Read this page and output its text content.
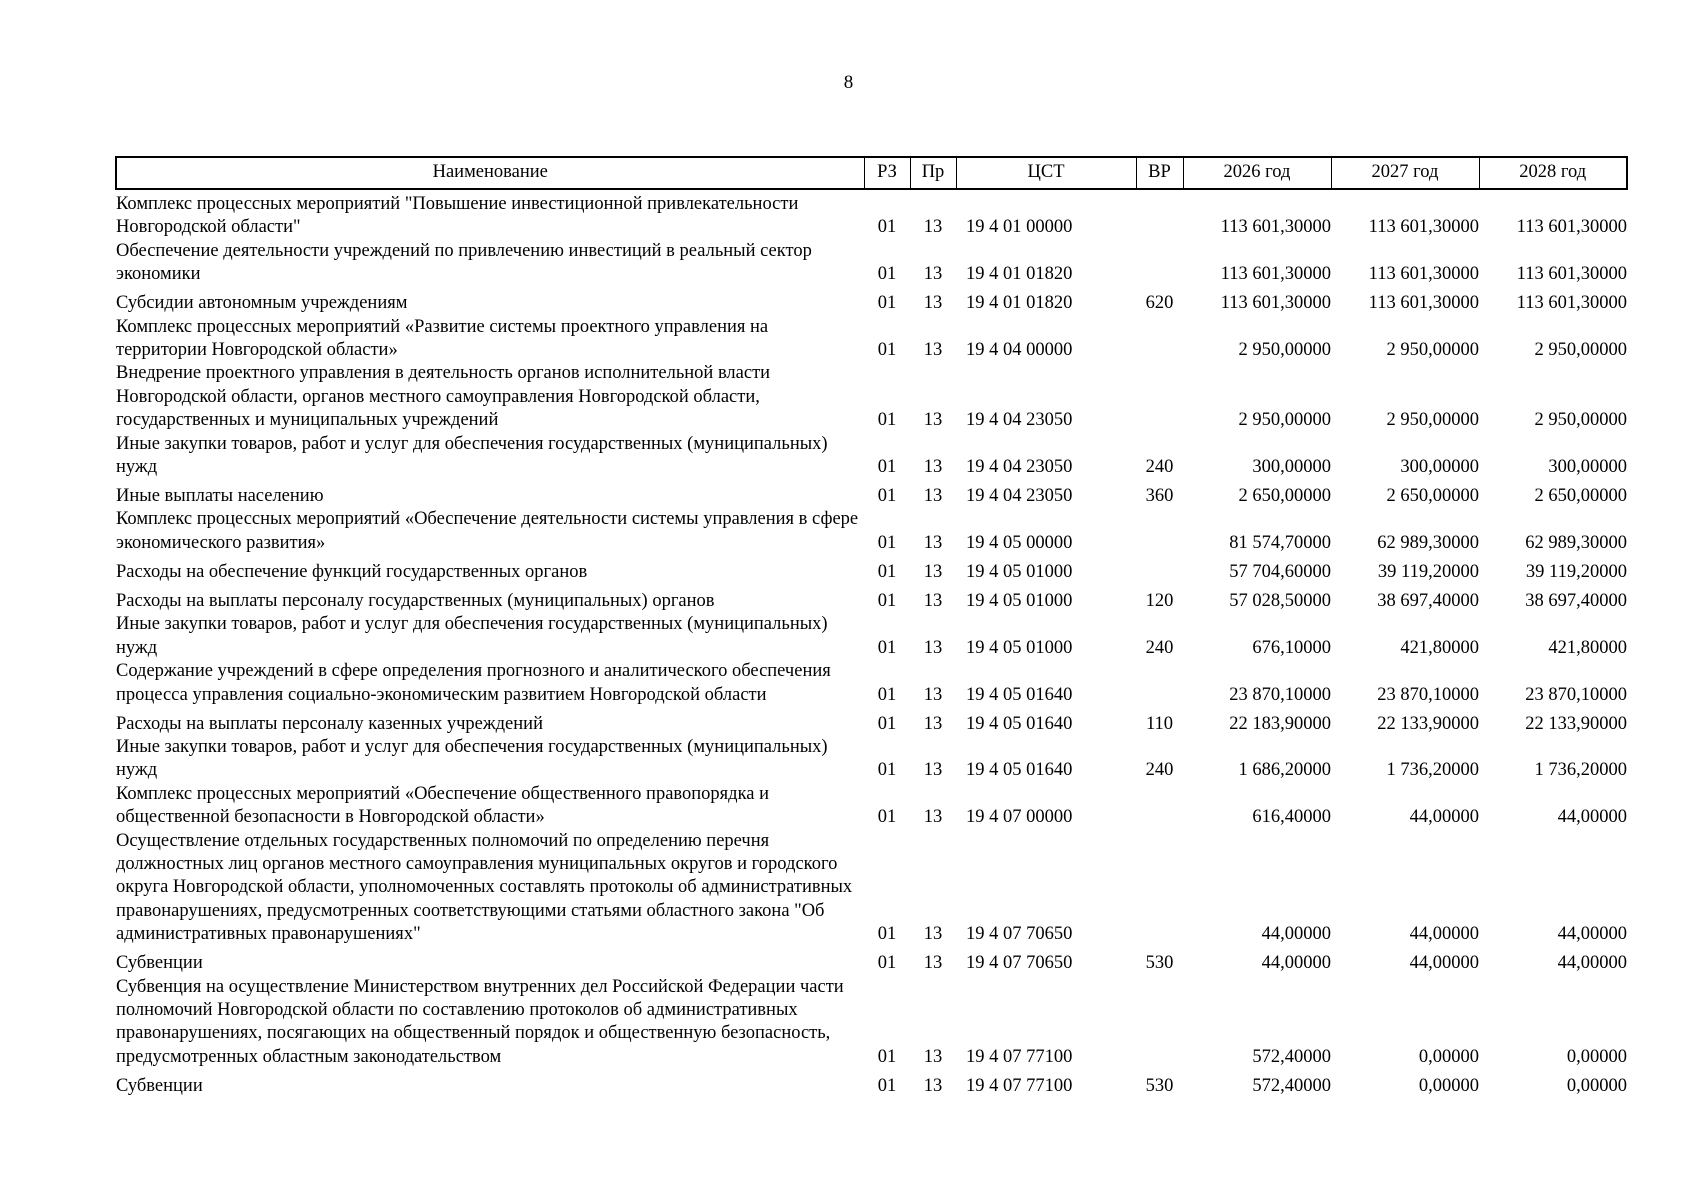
8
Наименование	РЗ	Пр	ЦСТ	ВР	2026 год	2027 год	2028 год
Комплекс процессных мероприятий "Повышение инвестиционной привлекательности Новгородской области"	01	13	19 4 01 00000		113 601,30000	113 601,30000	113 601,30000
Обеспечение деятельности учреждений по привлечению инвестиций в реальный сектор экономики	01	13	19 4 01 01820		113 601,30000	113 601,30000	113 601,30000
Субсидии автономным учреждениям	01	13	19 4 01 01820	620	113 601,30000	113 601,30000	113 601,30000
Комплекс процессных мероприятий «Развитие системы проектного управления на территории Новгородской области»	01	13	19 4 04 00000		2 950,00000	2 950,00000	2 950,00000
Внедрение проектного управления в деятельность органов исполнительной власти Новгородской области, органов местного самоуправления Новгородской области, государственных и муниципальных учреждений	01	13	19 4 04 23050		2 950,00000	2 950,00000	2 950,00000
Иные закупки товаров, работ и услуг для обеспечения государственных (муниципальных) нужд	01	13	19 4 04 23050	240	300,00000	300,00000	300,00000
Иные выплаты населению	01	13	19 4 04 23050	360	2 650,00000	2 650,00000	2 650,00000
Комплекс процессных мероприятий «Обеспечение деятельности системы управления в сфере экономического развития»	01	13	19 4 05 00000		81 574,70000	62 989,30000	62 989,30000
Расходы на обеспечение функций государственных органов	01	13	19 4 05 01000		57 704,60000	39 119,20000	39 119,20000
Расходы на выплаты персоналу государственных (муниципальных) органов	01	13	19 4 05 01000	120	57 028,50000	38 697,40000	38 697,40000
Иные закупки товаров, работ и услуг для обеспечения государственных (муниципальных) нужд	01	13	19 4 05 01000	240	676,10000	421,80000	421,80000
Содержание учреждений в сфере определения прогнозного и аналитического обеспечения процесса управления социально-экономическим развитием Новгородской области	01	13	19 4 05 01640		23 870,10000	23 870,10000	23 870,10000
Расходы на выплаты персоналу казенных учреждений	01	13	19 4 05 01640	110	22 183,90000	22 133,90000	22 133,90000
Иные закупки товаров, работ и услуг для обеспечения государственных (муниципальных) нужд	01	13	19 4 05 01640	240	1 686,20000	1 736,20000	1 736,20000
Комплекс процессных мероприятий «Обеспечение общественного правопорядка и общественной безопасности в Новгородской области»	01	13	19 4 07 00000		616,40000	44,00000	44,00000
Осуществление отдельных государственных полномочий по определению перечня должностных лиц органов местного самоуправления муниципальных округов и городского округа Новгородской области, уполномоченных составлять протоколы об административных правонарушениях, предусмотренных соответствующими статьями областного закона "Об административных правонарушениях"	01	13	19 4 07 70650		44,00000	44,00000	44,00000
Субвенции	01	13	19 4 07 70650	530	44,00000	44,00000	44,00000
Субвенция на осуществление Министерством внутренних дел Российской Федерации части полномочий Новгородской области по составлению протоколов об административных правонарушениях, посягающих на общественный порядок и общественную безопасность, предусмотренных областным законодательством	01	13	19 4 07 77100		572,40000	0,00000	0,00000
Субвенции	01	13	19 4 07 77100	530	572,40000	0,00000	0,00000
